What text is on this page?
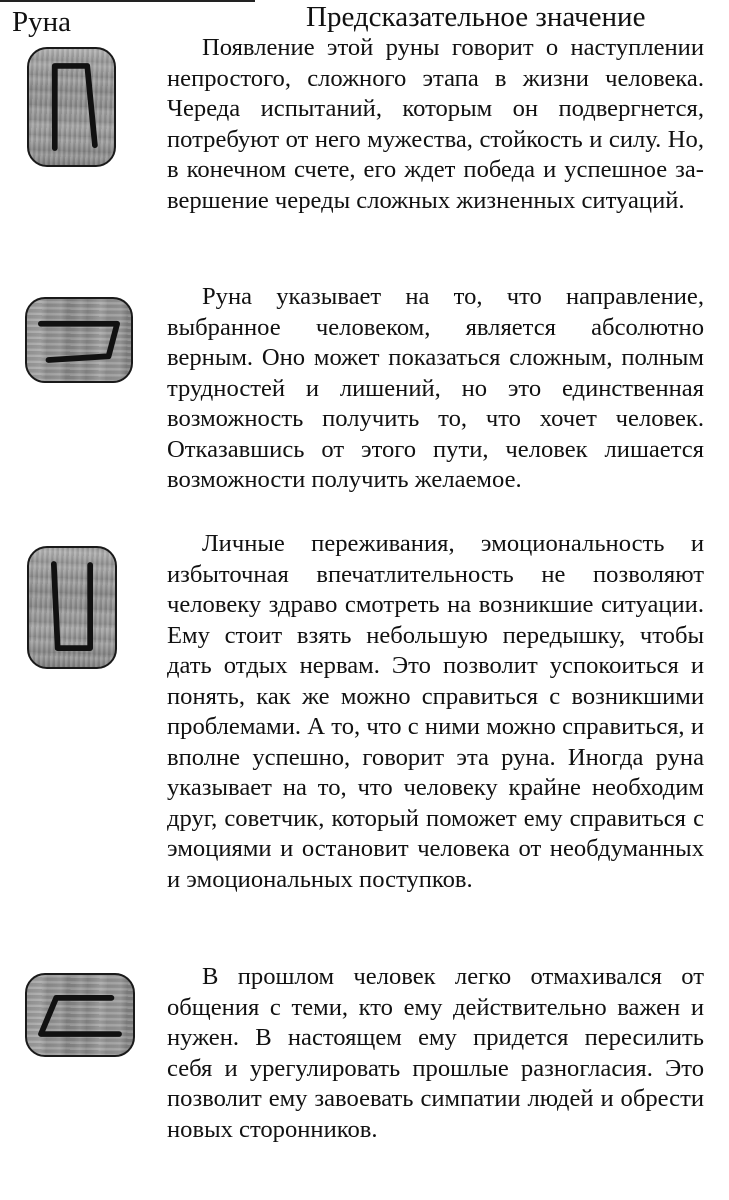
Руна	Предсказательное значение

Появление этой руны говорит о наступлении непростого, сложного этапа в жизни человека. Череда испытаний, которым он подвергнется, потребуют от него мужества, стойкость и силу. Но, в конечном счете, его ждет победа и успешное завершение череды сложных жизненных ситуаций.

Руна указывает на то, что направление, выбранное человеком, является абсолютно верным. Оно может показаться сложным, полным трудностей и лишений, но это единственная возможность получить то, что хочет человек. Отказавшись от этого пути, человек лишается возможности получить желаемое.

Личные переживания, эмоциональность и избыточная впечатлительность не позволяют человеку здраво смотреть на возникшие ситуации. Ему стоит взять небольшую передышку, чтобы дать отдых нервам. Это позволит успокоиться и понять, как же можно справиться с возникшими проблемами. А то, что с ними можно справиться, и вполне успешно, говорит эта руна. Иногда руна указывает на то, что человеку крайне необходим друг, советчик, который поможет ему справиться с эмоциями и остановит человека от необдуманных и эмоциональных поступков.

В прошлом человек легко отмахивался от общения с теми, кто ему действительно важен и нужен. В настоящем ему придется пересилить себя и урегулировать прошлые разногласия. Это позволит ему завоевать симпатии людей и обрести новых сторонников.
